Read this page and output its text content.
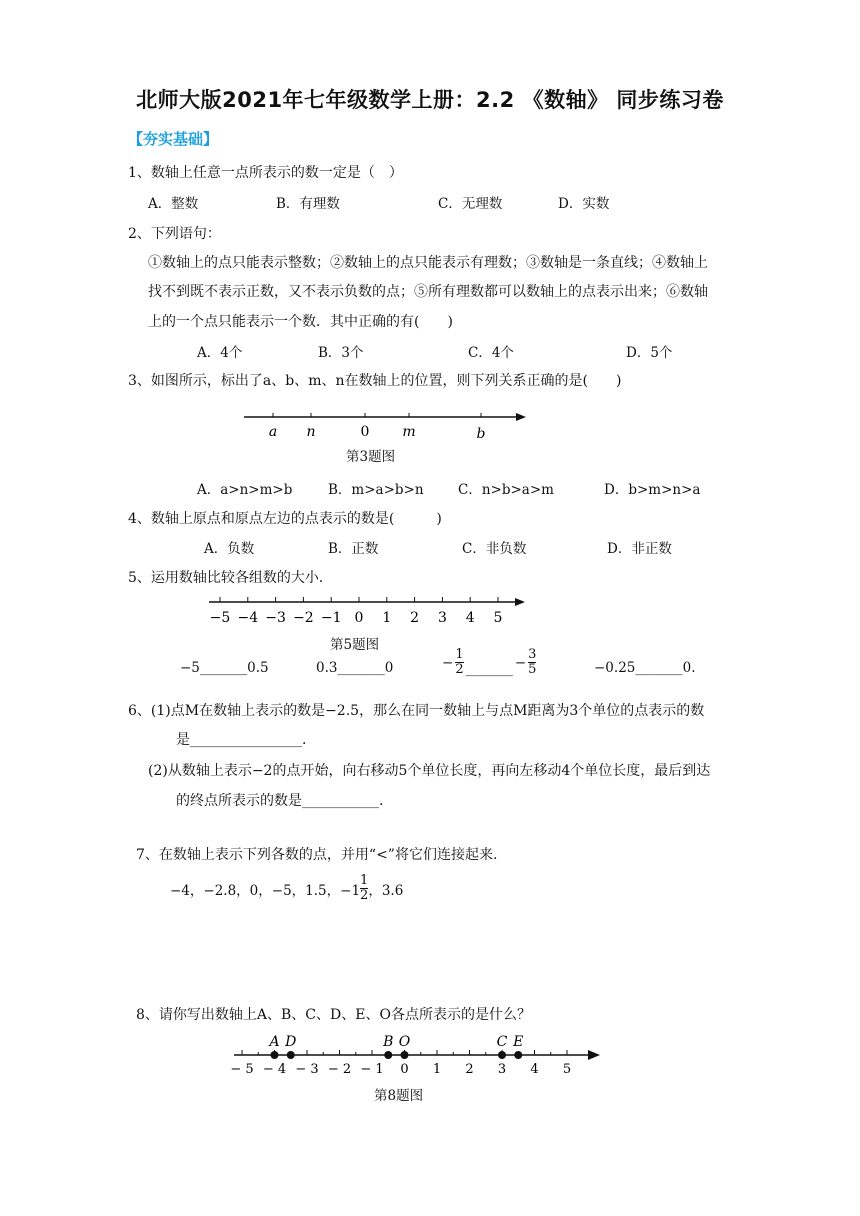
北师大版2021年七年级数学上册：2.2 《数轴》 同步练习卷
【夯实基础】
1、数轴上任意一点所表示的数一定是（　）
A．整数	B．有理数	C．无理数	D．实数
2、下列语句：
①数轴上的点只能表示整数；②数轴上的点只能表示有理数；③数轴是一条直线；④数轴上
找不到既不表示正数，又不表示负数的点；⑤所有理数都可以数轴上的点表示出来；⑥数轴
上的一个点只能表示一个数．其中正确的有(　　)
A．4个	B．3个	C．4个	D．5个
3、如图所示，标出了a、b、m、n在数轴上的位置，则下列关系正确的是(　　)
a n	0 m	b
第3题图
A．a>n>m>b	B．m>a>b>n	C．n>b>a>m	D．b>m>n>a
4、数轴上原点和原点左边的点表示的数是(　　　)
A．负数	B．正数	C．非负数	D．非正数
5、运用数轴比较各组数的大小．
−5 −4 −3 −2 −1 0 1 2 3 4 5
第5题图
−5_______0.5	0.3_______0	− $\frac{1}{2}$ _______ − $\frac{3}{5}$	−0.25_______0.
6、(1)点M在数轴上表示的数是−2.5，那么在同一数轴上与点M距离为3个单位的点表示的数
是________________.
(2)从数轴上表示−2的点开始，向右移动5个单位长度，再向左移动4个单位长度，最后到达
的终点所表示的数是___________.
7、在数轴上表示下列各数的点，并用“<”将它们连接起来.
−4，−2.8，0，−5，1.5，$-1 \frac{1}{2}$ ，3.6
8、请你写出数轴上A、B、C、D、E、O各点所表示的是什么？
− 5 − 4 − 3 − 2 − 1 0 1 2 3 4 5
A D	B O	C E
第8题图
